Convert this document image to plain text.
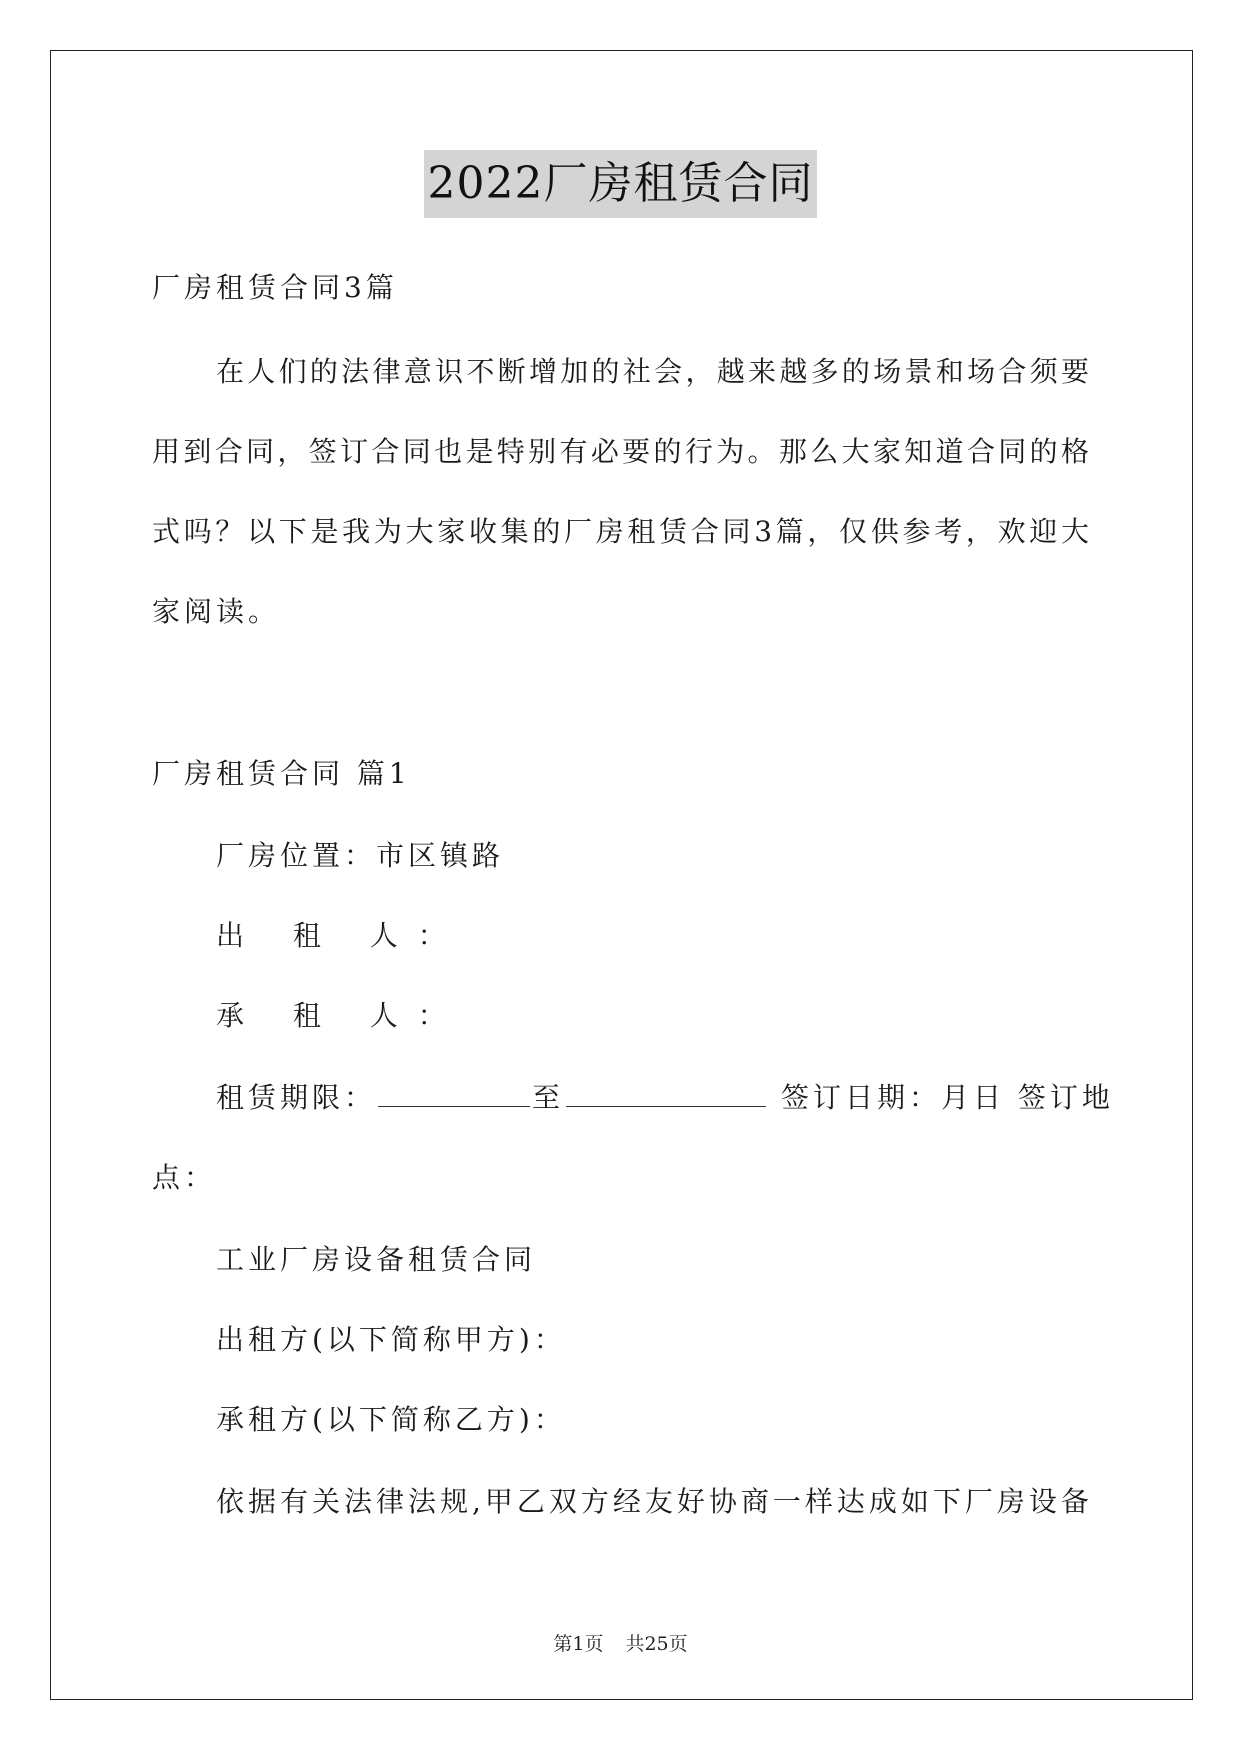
2022厂房租赁合同
厂房租赁合同3篇
在人们的法律意识不断增加的社会，越来越多的场景和场合须要
用到合同，签订合同也是特别有必要的行为。那么大家知道合同的格
式吗？以下是我为大家收集的厂房租赁合同3篇，仅供参考，欢迎大
家阅读。
厂房租赁合同 篇1
厂房位置：市区镇路
出 租 人：
承 租 人：
租赁期限：	至	签订日期：月日 签订地
点：
工业厂房设备租赁合同
出租方(以下简称甲方)：
承租方(以下简称乙方)：
依据有关法律法规,甲乙双方经友好协商一样达成如下厂房设备
第1页 共25页
